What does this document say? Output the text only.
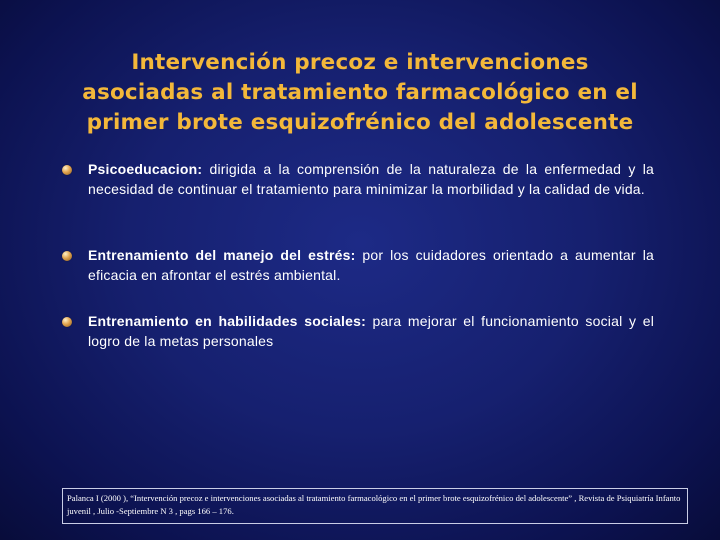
Intervención precoz e intervenciones
asociadas al tratamiento farmacológico en el
primer brote esquizofrénico del adolescente
Psicoeducacion: dirigida a la comprensión de la naturaleza de la enfermedad y la necesidad de continuar el tratamiento para minimizar la morbilidad y la calidad de vida.
Entrenamiento del manejo del estrés: por los cuidadores orientado a aumentar la eficacia en afrontar el estrés ambiental.
Entrenamiento en habilidades sociales: para mejorar el funcionamiento social y el logro de la metas personales
Palanca I (2000 ), “Intervención precoz e intervenciones asociadas al tratamiento farmacológico en el primer brote esquizofrénico del adolescente” , Revista de Psiquiatría Infanto juvenil , Julio -Septiembre N 3 , pags 166 – 176.
